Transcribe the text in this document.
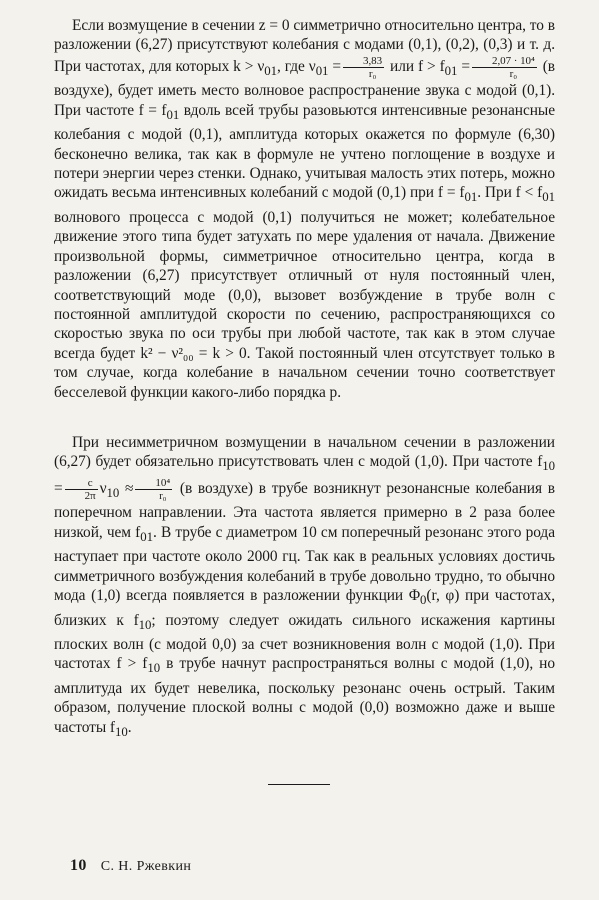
Если возмущение в сечении z = 0 симметрично относительно центра, то в разложении (6,27) присутствуют колебания с модами (0,1), (0,2), (0,3) и т. д. При частотах, для которых $k > \nu_{01}$, где $\nu_{01} = \frac{3,83}{\text{r₀}}$ или $f > f_{01} = \frac{\text{2,07 · 10⁴}}{\text{r₀}} (в$ воздухе), будет иметь место волновое распространение звука с модой (0,1). При частоте $f = f_{01}$ вдоль всей трубы разовьются интенсивные резонансные колебания с модой (0,1), амплитуда которых окажется по формуле (6,30) бесконечно велика, так как в формуле не учтено поглощение в воздухе и потери энергии через стенки. Однако, учитывая малость этих потерь, можно ожидать весьма интенсивных колебаний с модой (0,1) при $f = f_{01}$. При $f < f_{01}$ волнового процесса с модой (0,1) получиться не может; колебательное движение этого типа будет затухать по мере удаления от начала. Движение произвольной формы, симметричное относительно центра, когда в разложении (6,27) присутствует отличный от нуля постоянный член, соответствующий моде (0,0), вызовет возбуждение в трубе волн с постоянной амплитудой скорости по сечению, распространяющихся со скоростью звука по оси трубы при любой частоте, так как в этом случае всегда будет k² − ν²₀₀ = k > 0. Такой постоянный член отсутствует только в том случае, когда колебание в начальном сечении точно соответствует бесселевой функции какого-либо порядка p.
При несимметричном возмущении в начальном сечении в разложении (6,27) будет обязательно присутствовать член с модой (1,0). При частоте $f_{10} = \frac{c}{2\pi} \nu_{10} \approx \frac{\text{10⁴}}{\text{r₀}} (в$ воздухе) в трубе возникнут резонансные колебания в поперечном направлении. Эта частота является примерно в 2 раза более низкой, чем $f_{01}$. В трубе с диаметром 10 см поперечный резонанс этого рода наступает при частоте около 2000 гц. Так как в реальных условиях достичь симметричного возбуждения колебаний в трубе довольно трудно, то обычно мода (1,0) всегда появляется в разложении функции $\Phi_0(r$, φ) при частотах, близких к $f_{10}$; поэтому следует ожидать сильного искажения картины плоских волн (с модой 0,0) за счет возникновения волн с модой (1,0). При частотах $f > f_{10}$ в трубе начнут распространяться волны с модой (1,0), но амплитуда их будет невелика, поскольку резонанс очень острый. Таким образом, получение плоской волны с модой (0,0) возможно даже и выше частоты $f_{10}$.
10 С. Н. Ржевкин
